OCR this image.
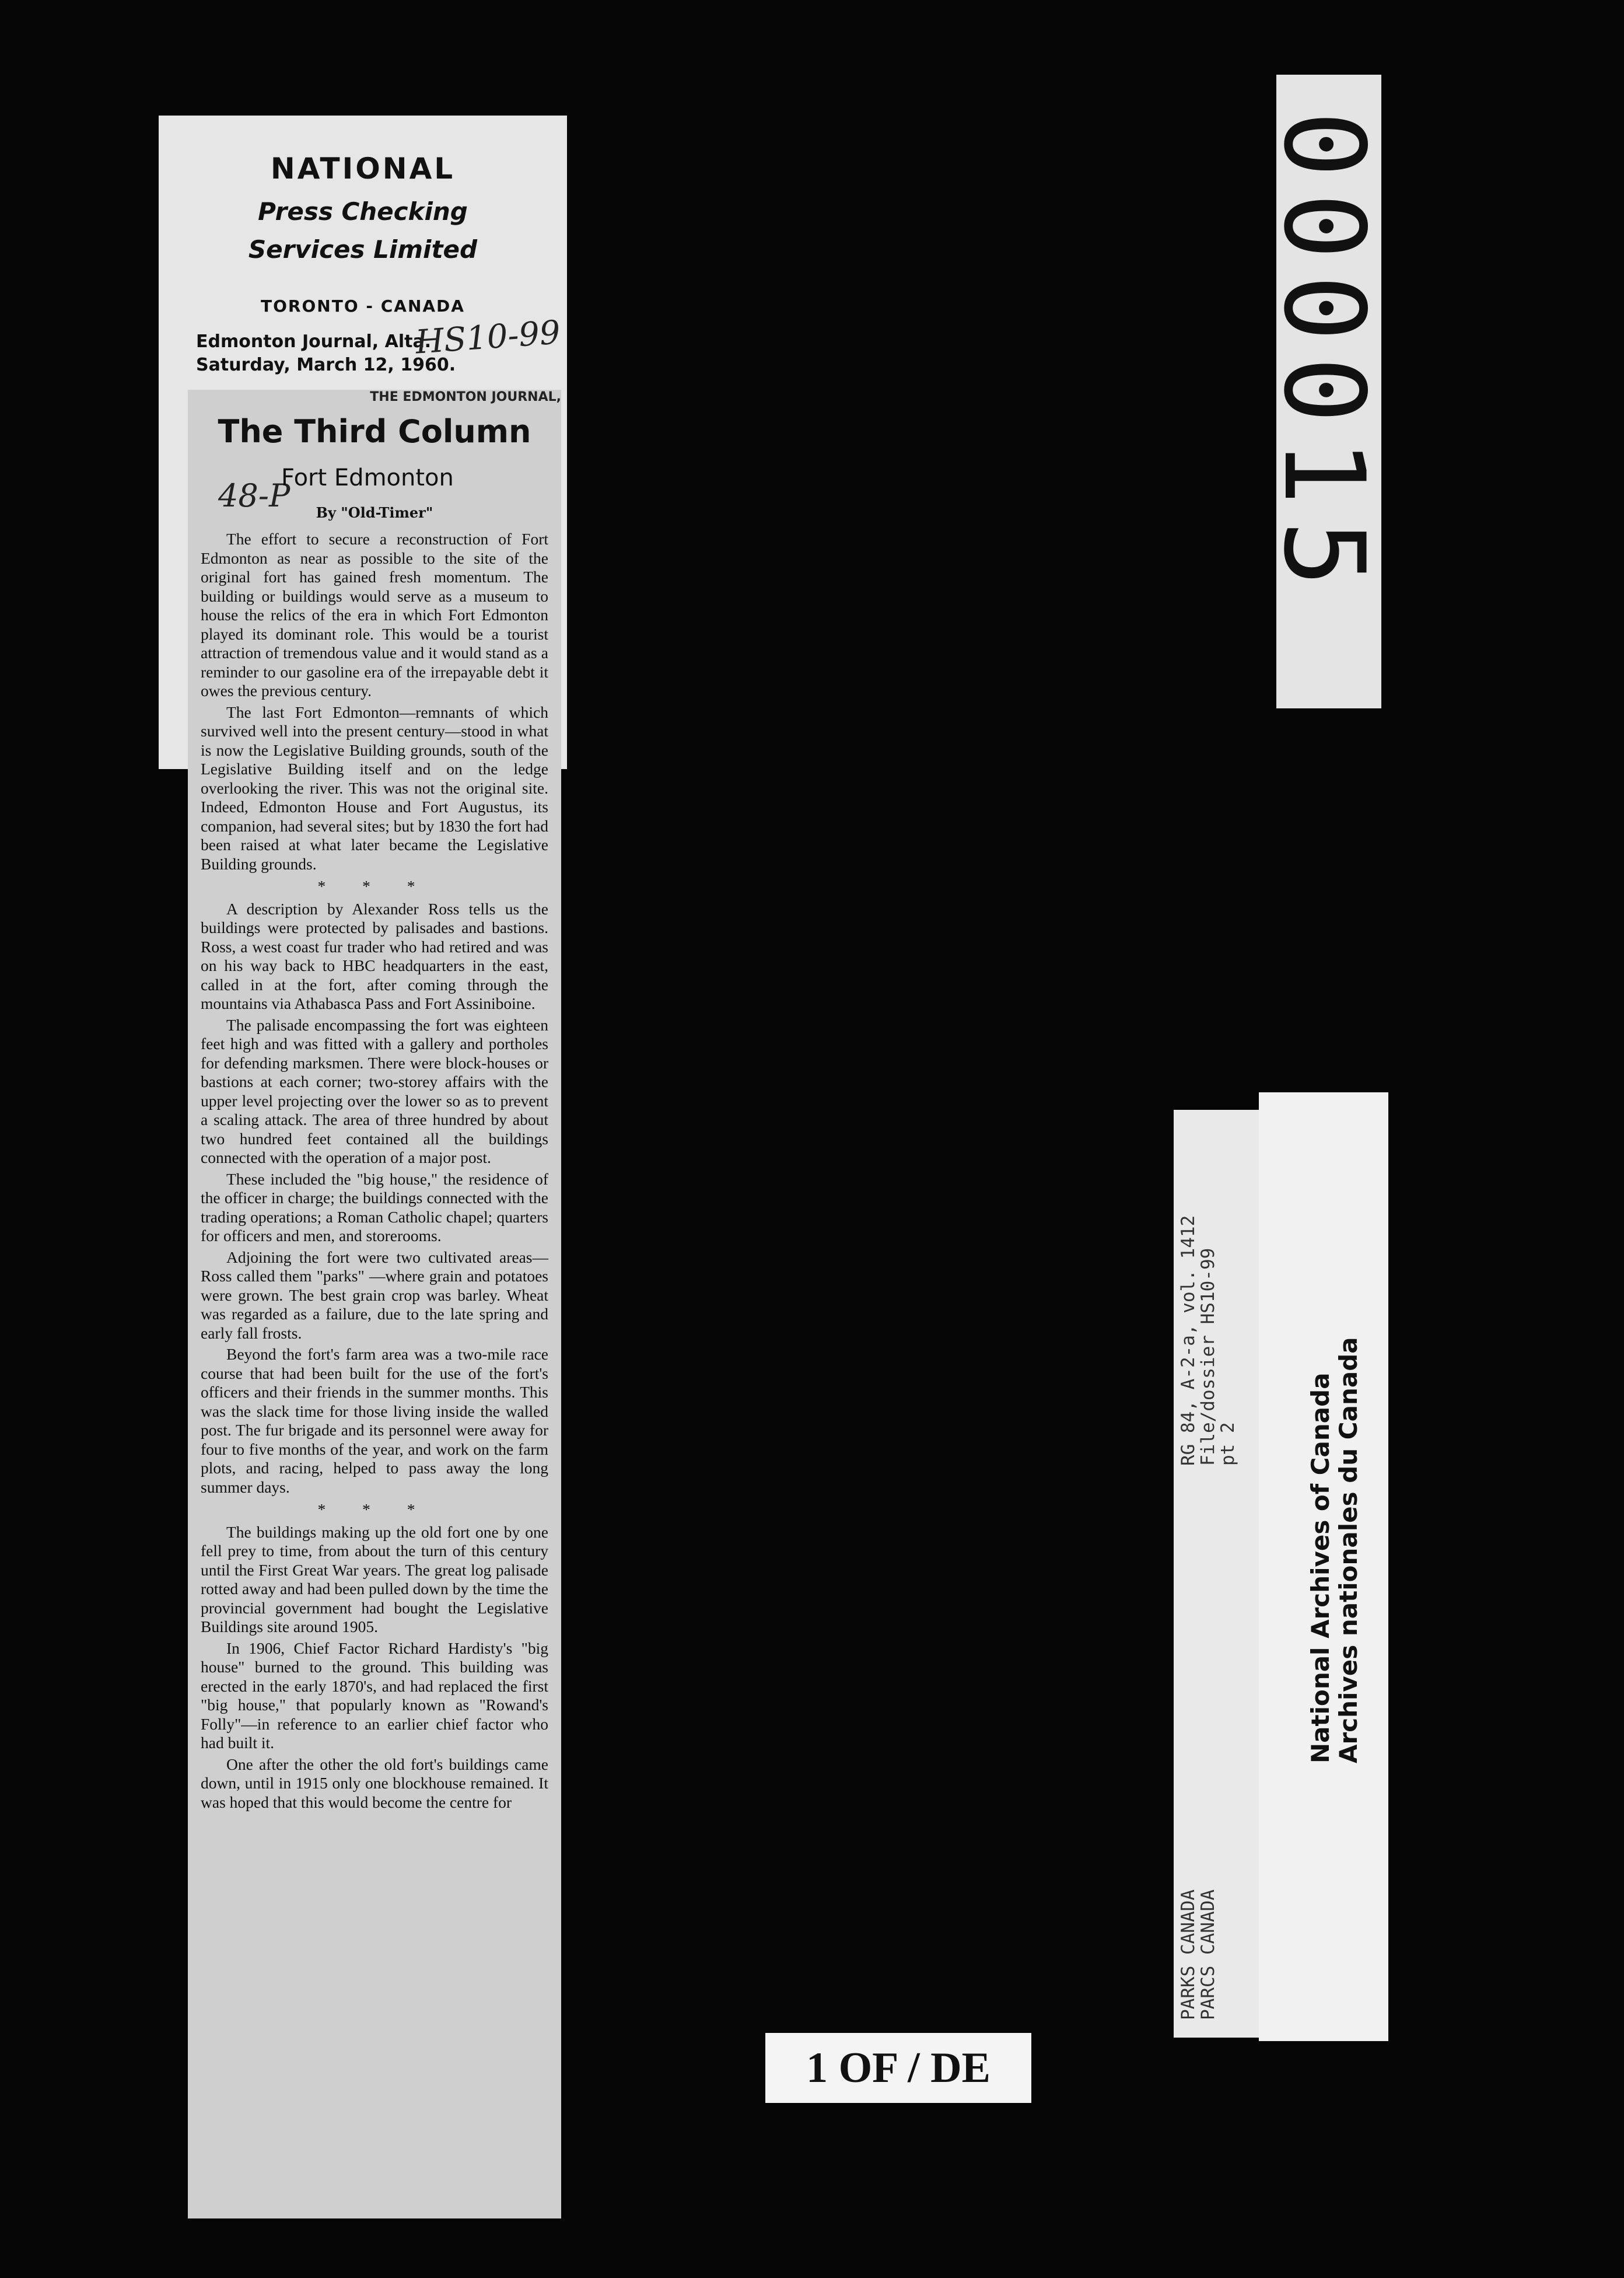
NATIONAL
Press Checking
Services Limited
TORONTO - CANADA
Edmonton Journal, Alta.
Saturday, March 12, 1960.
HS10-99
THE EDMONTON JOURNAL,
The Third Column
48-P
Fort Edmonton
By "Old-Timer"

The effort to secure a reconstruction of Fort Edmonton as near as possible to the site of the original fort has gained fresh momentum. The building or buildings would serve as a museum to house the relics of the era in which Fort Edmonton played its dominant role. This would be a tourist attraction of tremendous value and it would stand as a reminder to our gasoline era of the irrepayable debt it owes the previous century.

The last Fort Edmonton—remnants of which survived well into the present century—stood in what is now the Legislative Building grounds, south of the Legislative Building itself and on the ledge overlooking the river. This was not the original site. Indeed, Edmonton House and Fort Augustus, its companion, had several sites; but by 1830 the fort had been raised at what later became the Legislative Building grounds.

* * *

A description by Alexander Ross tells us the buildings were protected by palisades and bastions. Ross, a west coast fur trader who had retired and was on his way back to HBC headquarters in the east, called in at the fort, after coming through the mountains via Athabasca Pass and Fort Assiniboine.

The palisade encompassing the fort was eighteen feet high and was fitted with a gallery and portholes for defending marksmen. There were block-houses or bastions at each corner; two-storey affairs with the upper level projecting over the lower so as to prevent a scaling attack. The area of three hundred by about two hundred feet contained all the buildings connected with the operation of a major post.

These included the "big house," the residence of the officer in charge; the buildings connected with the trading operations; a Roman Catholic chapel; quarters for officers and men, and storerooms.

Adjoining the fort were two cultivated areas—Ross called them "parks" —where grain and potatoes were grown. The best grain crop was barley. Wheat was regarded as a failure, due to the late spring and early fall frosts.

Beyond the fort's farm area was a two-mile race course that had been built for the use of the fort's officers and their friends in the summer months. This was the slack time for those living inside the walled post. The fur brigade and its personnel were away for four to five months of the year, and work on the farm plots, and racing, helped to pass away the long summer days.

* * *

The buildings making up the old fort one by one fell prey to time, from about the turn of this century until the First Great War years. The great log palisade rotted away and had been pulled down by the time the provincial government had bought the Legislative Buildings site around 1905.

In 1906, Chief Factor Richard Hardisty's "big house" burned to the ground. This building was erected in the early 1870's, and had replaced the first "big house," that popularly known as "Rowand's Folly"—in reference to an earlier chief factor who had built it.

One after the other the old fort's buildings came down, until in 1915 only one blockhouse remained. It was hoped that this would become the centre for

000015
RG 84, A-2-a, vol. 1412
File/dossier HS10-99
pt 2
PARKS CANADA
PARCS CANADA
National Archives of Canada Archives nationales du Canada
1 OF / DE
